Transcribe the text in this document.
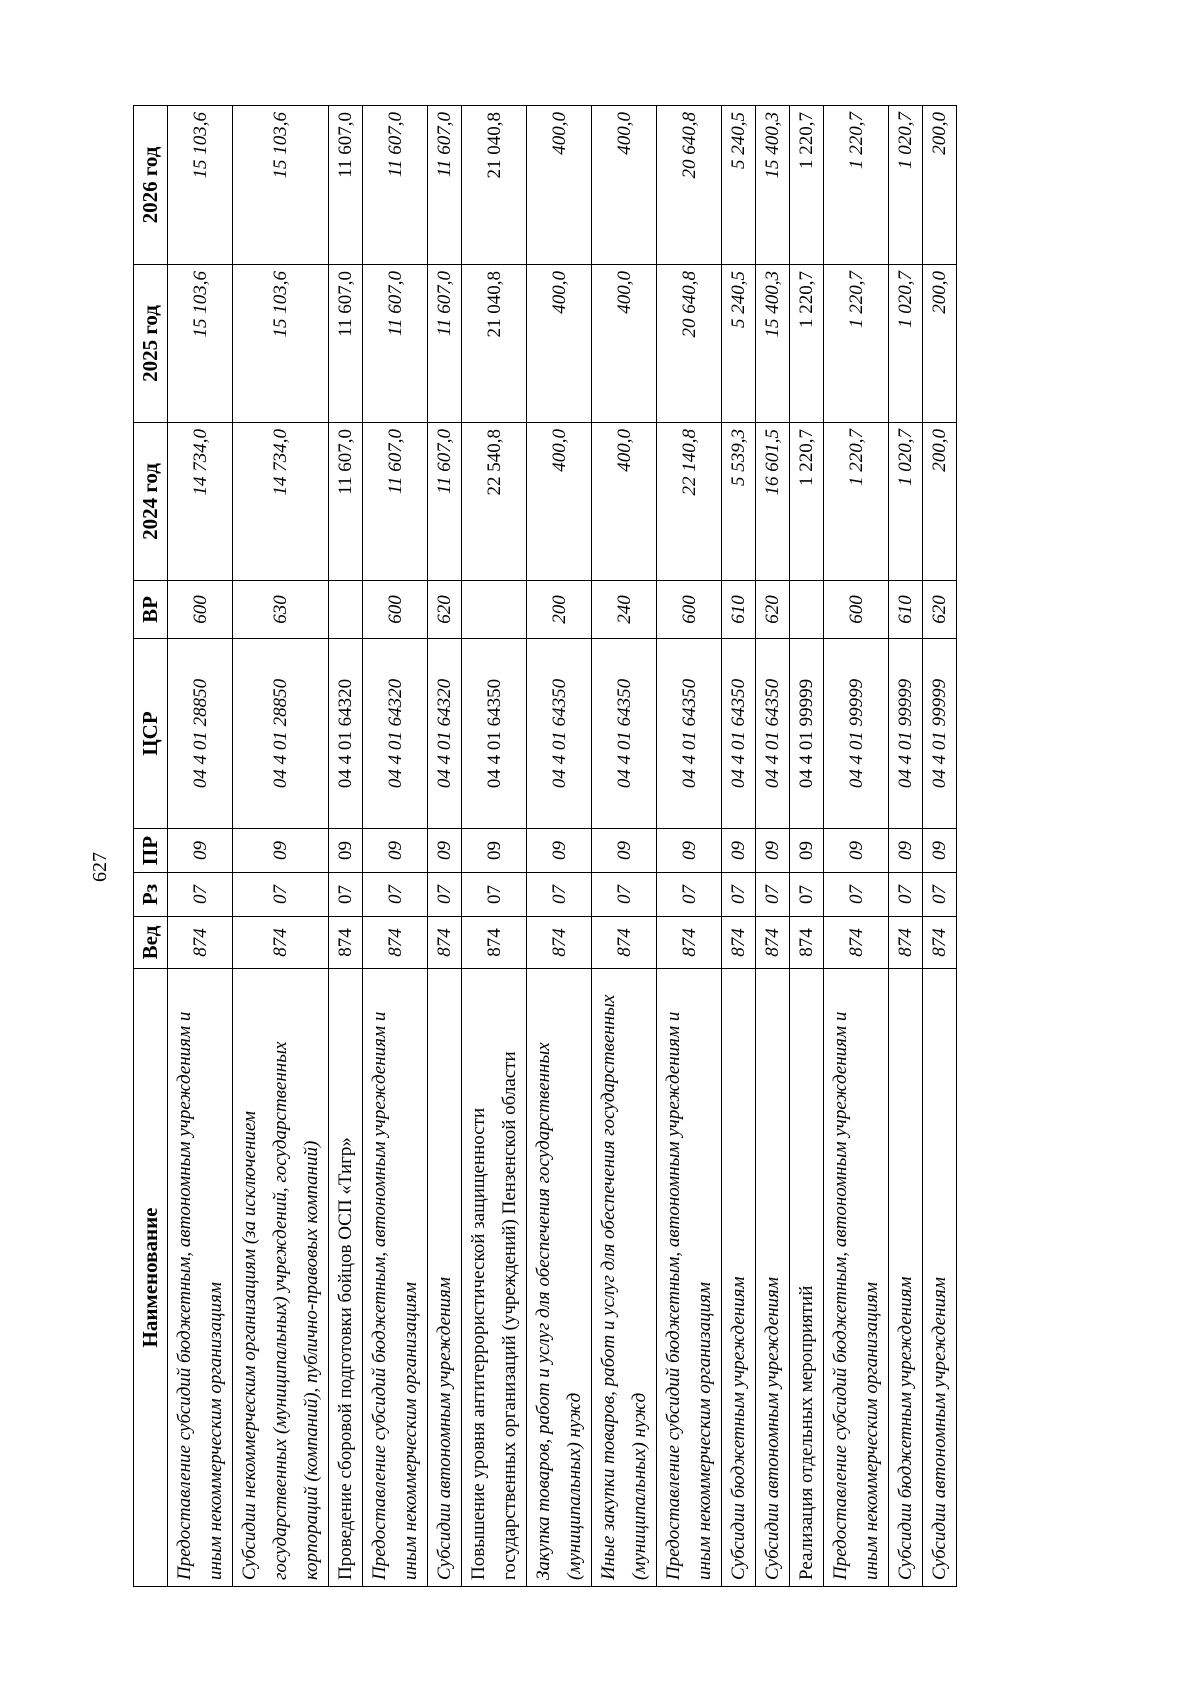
627
Наименование	Вед	Рз	ПР	ЦСР	ВР	2024 год	2025 год	2026 год
Предоставление субсидий бюджетным, автономным учреждениям и иным некоммерческим организациям	874	07	09	04 4 01 28850	600	14 734,0	15 103,6	15 103,6
Субсидии некоммерческим организациям (за исключением государственных (муниципальных) учреждений, государственных корпораций (компаний), публично-правовых компаний)	874	07	09	04 4 01 28850	630	14 734,0	15 103,6	15 103,6
Проведение сборовой подготовки бойцов ОСП «Тигр»	874	07	09	04 4 01 64320		11 607,0	11 607,0	11 607,0
Предоставление субсидий бюджетным, автономным учреждениям и иным некоммерческим организациям	874	07	09	04 4 01 64320	600	11 607,0	11 607,0	11 607,0
Субсидии автономным учреждениям	874	07	09	04 4 01 64320	620	11 607,0	11 607,0	11 607,0
Повышение уровня антитеррористической защищенности государственных организаций (учреждений) Пензенской области	874	07	09	04 4 01 64350		22 540,8	21 040,8	21 040,8
Закупка товаров, работ и услуг для обеспечения государственных (муниципальных) нужд	874	07	09	04 4 01 64350	200	400,0	400,0	400,0
Иные закупки товаров, работ и услуг для обеспечения государственных (муниципальных) нужд	874	07	09	04 4 01 64350	240	400,0	400,0	400,0
Предоставление субсидий бюджетным, автономным учреждениям и иным некоммерческим организациям	874	07	09	04 4 01 64350	600	22 140,8	20 640,8	20 640,8
Субсидии бюджетным учреждениям	874	07	09	04 4 01 64350	610	5 539,3	5 240,5	5 240,5
Субсидии автономным учреждениям	874	07	09	04 4 01 64350	620	16 601,5	15 400,3	15 400,3
Реализация отдельных мероприятий	874	07	09	04 4 01 99999		1 220,7	1 220,7	1 220,7
Предоставление субсидий бюджетным, автономным учреждениям и иным некоммерческим организациям	874	07	09	04 4 01 99999	600	1 220,7	1 220,7	1 220,7
Субсидии бюджетным учреждениям	874	07	09	04 4 01 99999	610	1 020,7	1 020,7	1 020,7
Субсидии автономным учреждениям	874	07	09	04 4 01 99999	620	200,0	200,0	200,0
